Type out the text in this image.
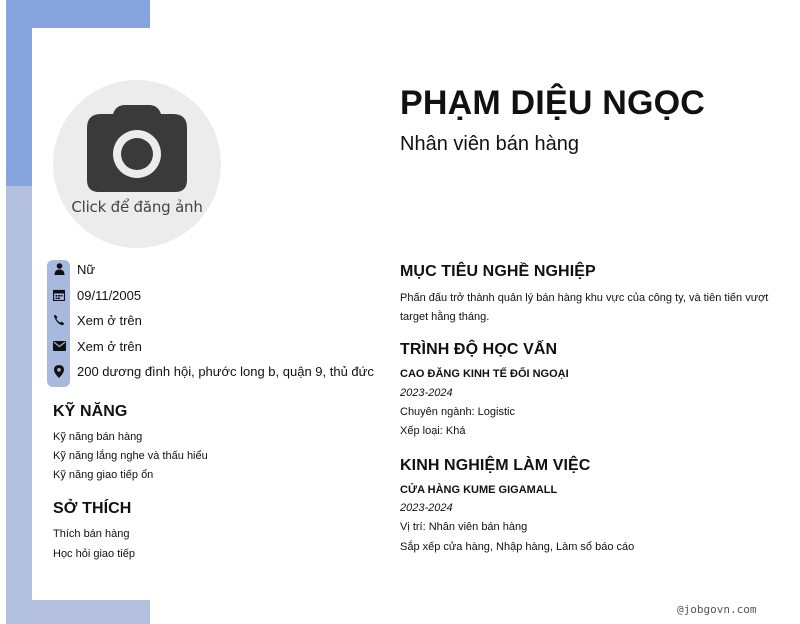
Click để đăng ảnh
PHẠM DIỆU NGỌC
Nhân viên bán hàng
Nữ
09/11/2005
Xem ở trên
Xem ở trên
200 dương đình hội, phước long b, quận 9, thủ đức
KỸ NĂNG
Kỹ năng bán hàng
Kỹ năng lắng nghe và thấu hiểu
Kỹ năng giao tiếp ổn
SỞ THÍCH
Thích bán hàng
Học hỏi giao tiếp
MỤC TIÊU NGHỀ NGHIỆP
Phấn đấu trở thành quản lý bán hàng khu vực của công ty, và tiên tiến vượt target hằng tháng.
TRÌNH ĐỘ HỌC VẤN
CAO ĐĂNG KINH TẾ ĐỐI NGOẠI
2023-2024
Chuyên ngành: Logistic
Xếp loại: Khá
KINH NGHIỆM LÀM VIỆC
CỬA HÀNG KUME GIGAMALL
2023-2024
Vị trí: Nhân viên bán hàng
Sắp xếp cửa hàng, Nhập hàng, Làm sổ báo cáo
@jobgovn.com
